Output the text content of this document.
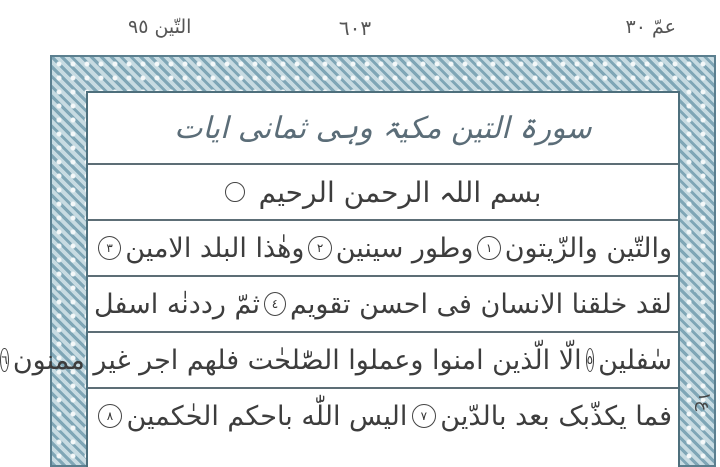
عمّ ٣٠
٦٠٣
التّین ٩٥
سورۃ التین مکیۃ وہی ثمانی ایات
بسم اللہ الرحمن الرحیم
والتّین والزّیتون
١
وطور سینین
٢
وهٰذا البلد الامین
٣
لقد خلقنا الانسان فی احسن تقویم
٤
ثمّ رددنٰه اسفل
سٰفلین
٥
الّا الّذین امنوا وعملوا الصّٰلحٰت فلهم اجر غیر ممنون
٦
فما یکذّبک بعد بالدّین
٧
الیس اللّٰه باحکم الحٰکمین
٨
ع١
